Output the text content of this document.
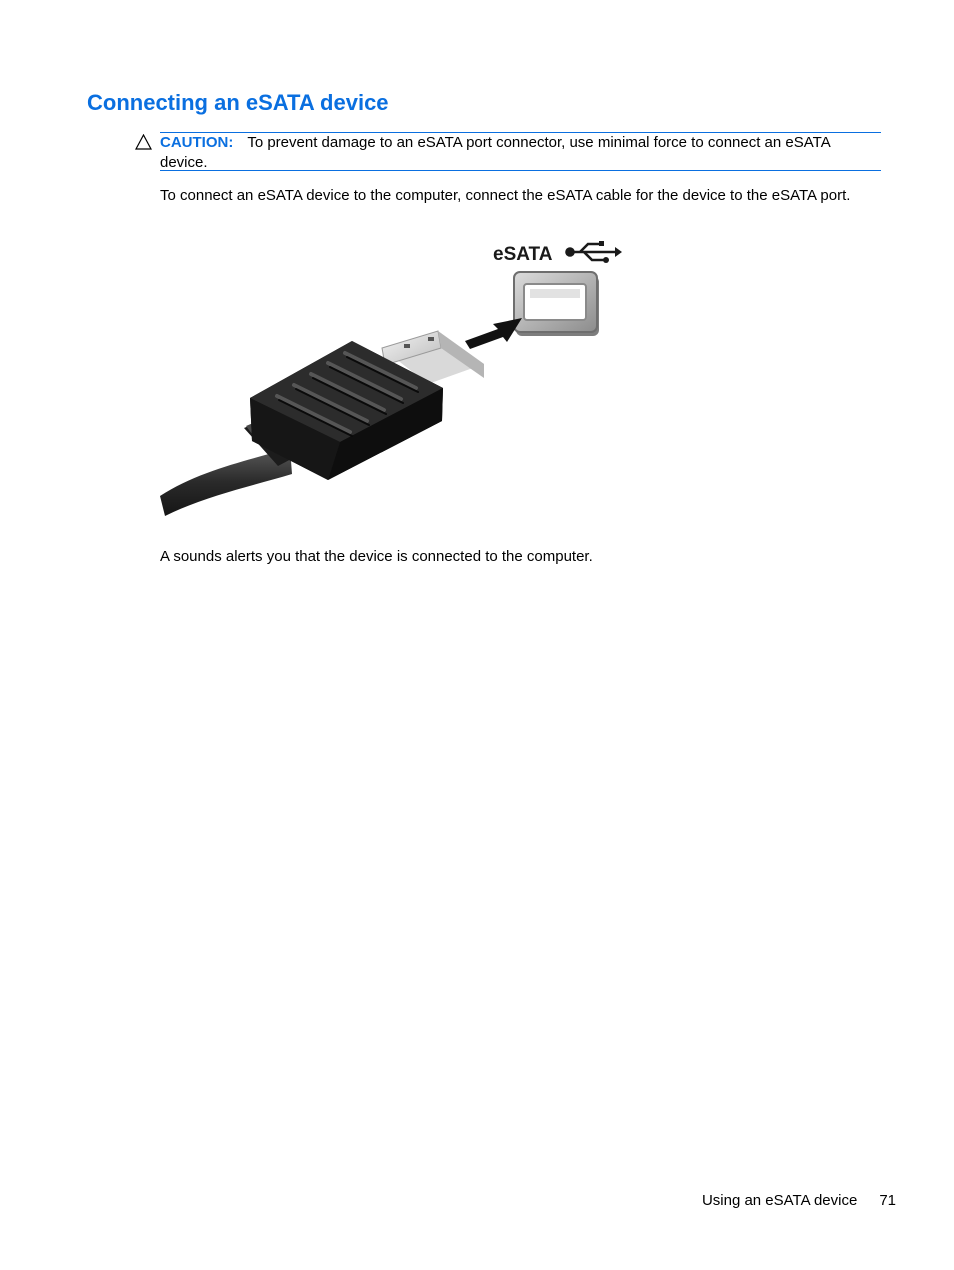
Connecting an eSATA device
CAUTION: To prevent damage to an eSATA port connector, use minimal force to connect an eSATA device.

To connect an eSATA device to the computer, connect the eSATA cable for the device to the eSATA port.

eSATA

A sounds alerts you that the device is connected to the computer.

Using an eSATA device 71
